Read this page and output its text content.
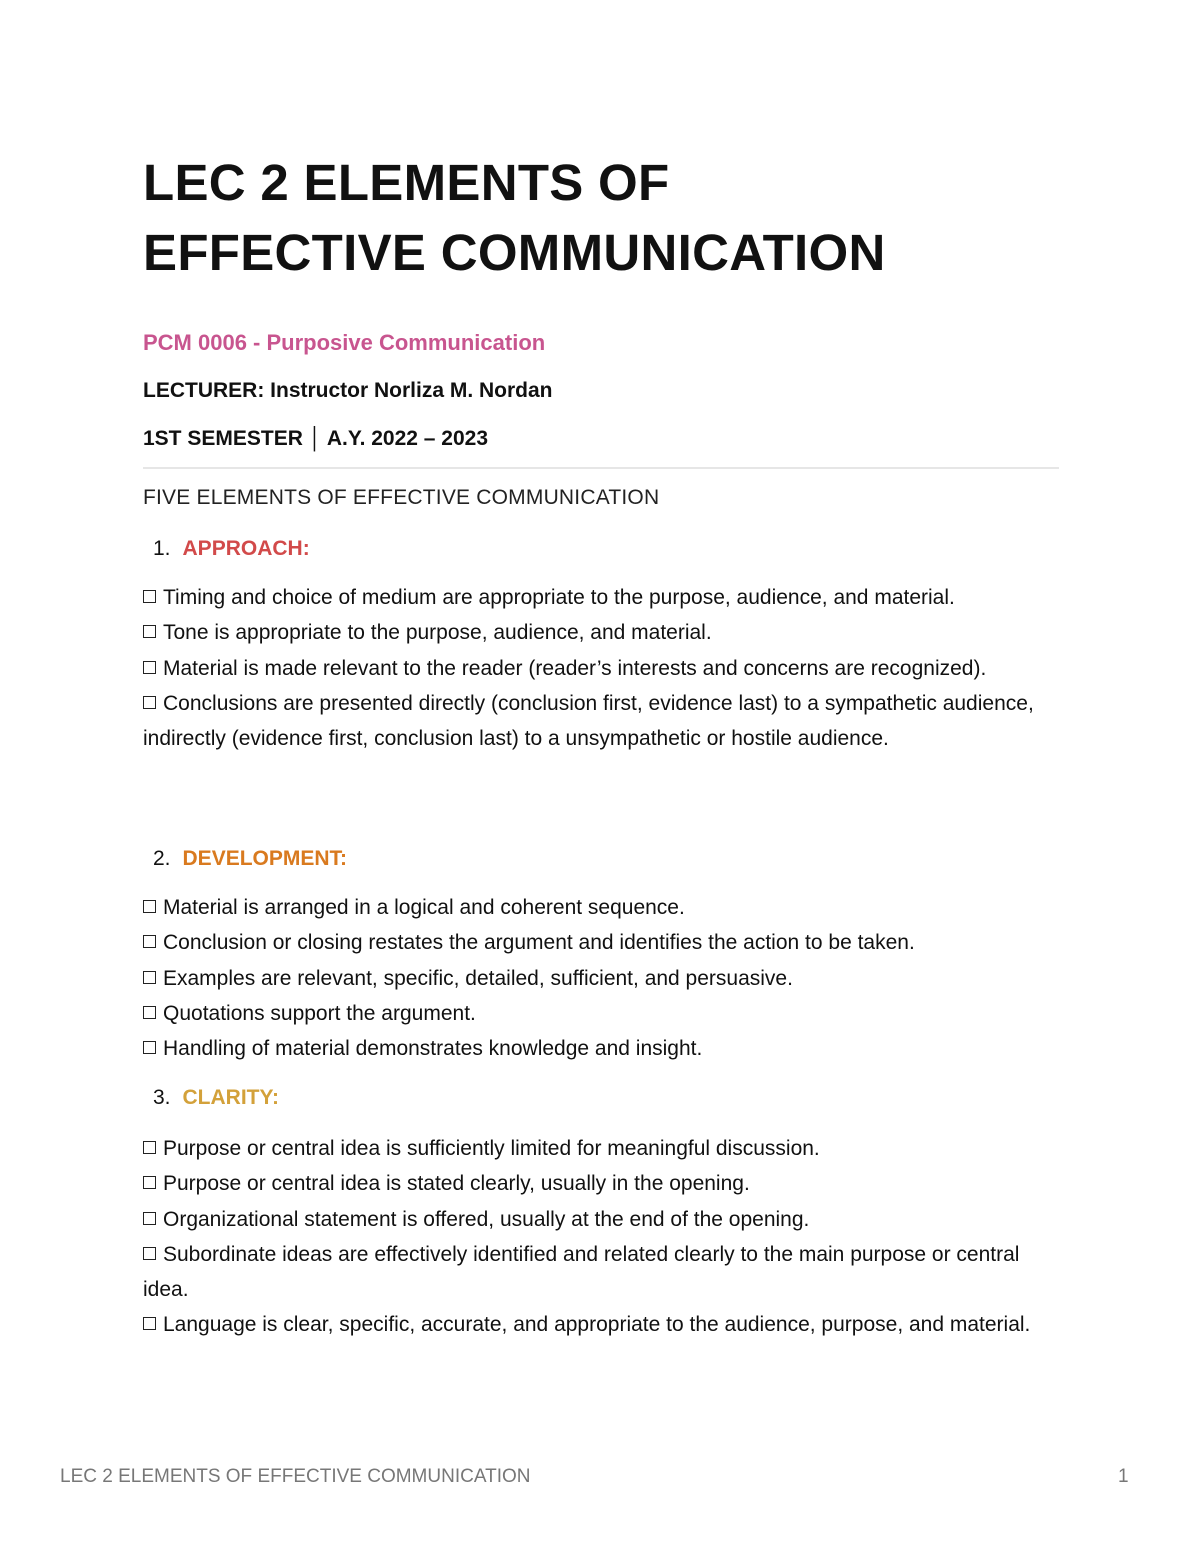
LEC 2 ELEMENTS OF
EFFECTIVE COMMUNICATION
PCM 0006 - Purposive Communication
LECTURER: Instructor Norliza M. Nordan
1ST SEMESTER │ A.Y. 2022 – 2023
FIVE ELEMENTS OF EFFECTIVE COMMUNICATION
1. APPROACH:
Timing and choice of medium are appropriate to the purpose, audience, and material.
Tone is appropriate to the purpose, audience, and material.
Material is made relevant to the reader (reader’s interests and concerns are recognized).
Conclusions are presented directly (conclusion first, evidence last) to a sympathetic audience, indirectly (evidence first, conclusion last) to a unsympathetic or hostile audience.
2. DEVELOPMENT:
Material is arranged in a logical and coherent sequence.
Conclusion or closing restates the argument and identifies the action to be taken.
Examples are relevant, specific, detailed, sufficient, and persuasive.
Quotations support the argument.
Handling of material demonstrates knowledge and insight.
3. CLARITY:
Purpose or central idea is sufficiently limited for meaningful discussion.
Purpose or central idea is stated clearly, usually in the opening.
Organizational statement is offered, usually at the end of the opening.
Subordinate ideas are effectively identified and related clearly to the main purpose or central idea.
Language is clear, specific, accurate, and appropriate to the audience, purpose, and material.
LEC 2 ELEMENTS OF EFFECTIVE COMMUNICATION	1
